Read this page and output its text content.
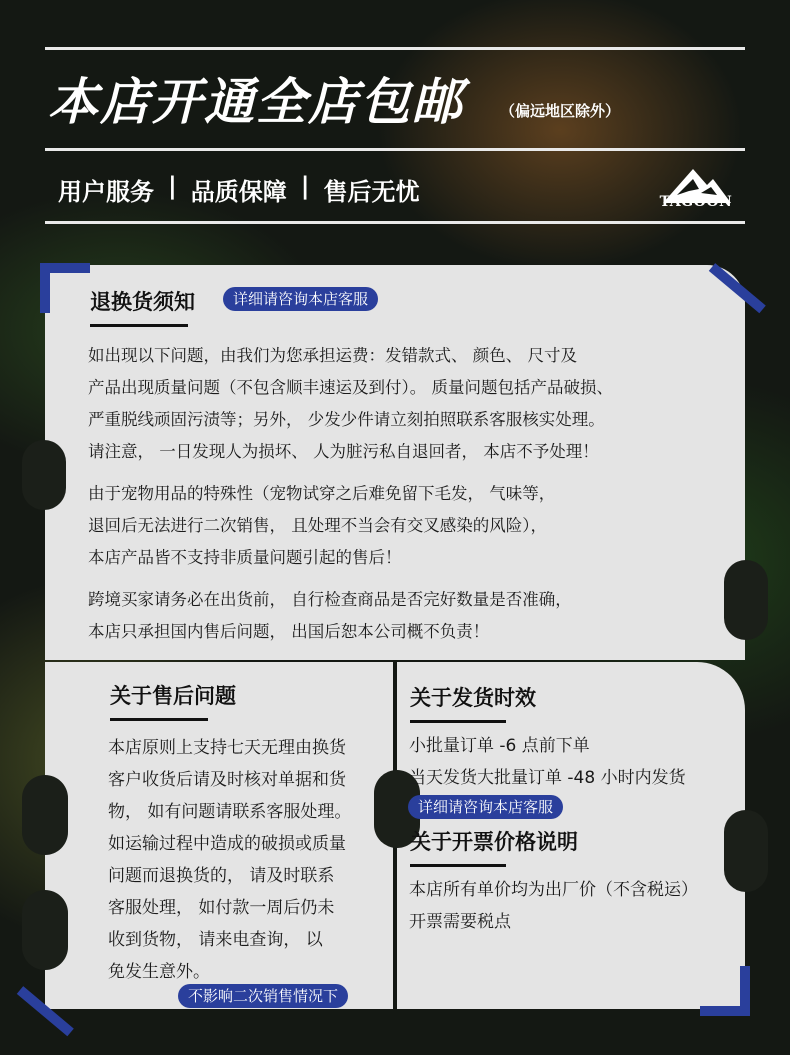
本店开通全店包邮 （偏远地区除外）
用户服务 | 品质保障 | 售后无忧	TAGOON
退换货须知	详细请咨询本店客服
如出现以下问题，由我们为您承担运费：发错款式、 颜色、 尺寸及
产品出现质量问题（不包含顺丰速运及到付）。 质量问题包括产品破损、
严重脱线顽固污渍等；另外， 少发少件请立刻拍照联系客服核实处理。
请注意， 一日发现人为损坏、 人为脏污私自退回者， 本店不予处理！
由于宠物用品的特殊性（宠物试穿之后难免留下毛发， 气味等，
退回后无法进行二次销售， 且处理不当会有交叉感染的风险），
本店产品皆不支持非质量问题引起的售后！
跨境买家请务必在出货前， 自行检查商品是否完好数量是否准确，
本店只承担国内售后问题， 出国后恕本公司概不负责！
关于售后问题
本店原则上支持七天无理由换货
客户收货后请及时核对单据和货
物， 如有问题请联系客服处理。
如运输过程中造成的破损或质量
问题而退换货的， 请及时联系
客服处理， 如付款一周后仍未
收到货物， 请来电查询， 以
免发生意外。
不影响二次销售情况下
关于发货时效
小批量订单 -6 点前下单
当天发货大批量订单 -48 小时内发货
详细请咨询本店客服
关于开票价格说明
本店所有单价均为出厂价（不含税运）
开票需要税点
